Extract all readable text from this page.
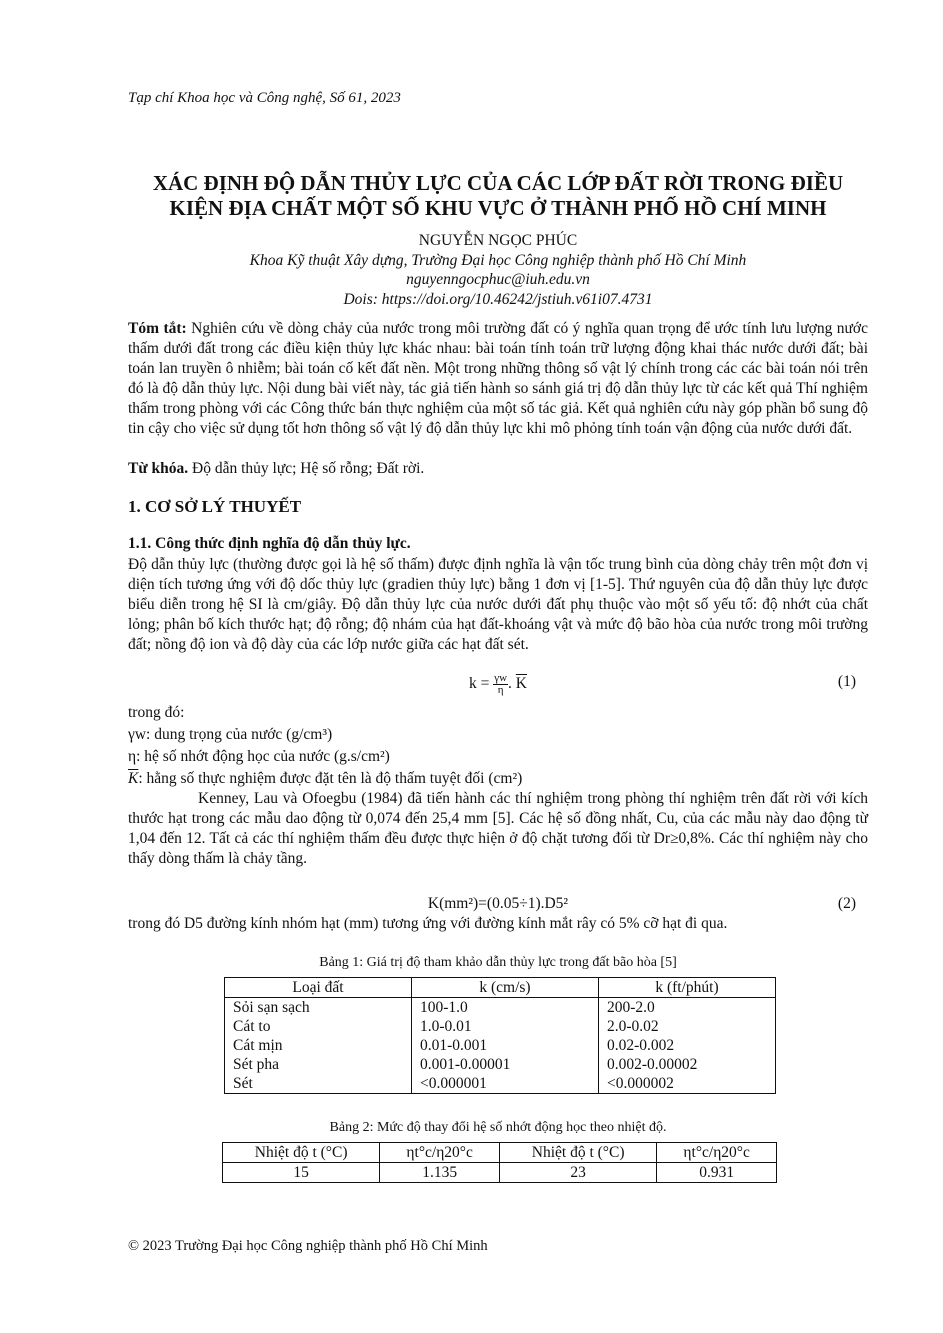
Tạp chí Khoa học và Công nghệ, Số 61, 2023
XÁC ĐỊNH ĐỘ DẪN THỦY LỰC CỦA CÁC LỚP ĐẤT RỜI TRONG ĐIỀU
KIỆN ĐỊA CHẤT MỘT SỐ KHU VỰC Ở THÀNH PHỐ HỒ CHÍ MINH
NGUYỄN NGỌC PHÚC
Khoa Kỹ thuật Xây dựng, Trường Đại học Công nghiệp thành phố Hồ Chí Minh
nguyenngocphuc@iuh.edu.vn
Dois: https://doi.org/10.46242/jstiuh.v61i07.4731
Tóm tắt: Nghiên cứu về dòng chảy của nước trong môi trường đất có ý nghĩa quan trọng để ước tính lưu lượng nước thấm dưới đất trong các điều kiện thủy lực khác nhau: bài toán tính toán trữ lượng động khai thác nước dưới đất; bài toán lan truyền ô nhiễm; bài toán cố kết đất nền. Một trong những thông số vật lý chính trong các các bài toán nói trên đó là độ dẫn thủy lực. Nội dung bài viết này, tác giả tiến hành so sánh giá trị độ dẫn thủy lực từ các kết quả Thí nghiệm thấm trong phòng với các Công thức bán thực nghiệm của một số tác giả. Kết quả nghiên cứu này góp phần bổ sung độ tin cậy cho việc sử dụng tốt hơn thông số vật lý độ dẫn thủy lực khi mô phỏng tính toán vận động của nước dưới đất.
Từ khóa. Độ dẫn thủy lực; Hệ số rỗng; Đất rời.
1. CƠ SỞ LÝ THUYẾT
1.1. Công thức định nghĩa độ dẫn thủy lực.
Độ dẫn thủy lực (thường được gọi là hệ số thấm) được định nghĩa là vận tốc trung bình của dòng chảy trên một đơn vị diện tích tương ứng với độ dốc thủy lực (gradien thủy lực) bằng 1 đơn vị [1-5]. Thứ nguyên của độ dẫn thủy lực được biểu diễn trong hệ SI là cm/giây. Độ dẫn thủy lực của nước dưới đất phụ thuộc vào một số yếu tố: độ nhớt của chất lỏng; phân bố kích thước hạt; độ rỗng; độ nhám của hạt đất-khoáng vật và mức độ bão hòa của nước trong môi trường đất; nồng độ ion và độ dày của các lớp nước giữa các hạt đất sét.
$k = \frac{\gamma w}{\eta}$ . $\overline{K}$	(1)
trong đó:
γw: dung trọng của nước (g/cm³)
η: hệ số nhớt động học của nước (g.s/cm²)
$\overline{K}$: hằng số thực nghiệm được đặt tên là độ thấm tuyệt đối (cm²)
Kenney, Lau và Ofoegbu (1984) đã tiến hành các thí nghiệm trong phòng thí nghiệm trên đất rời với kích thước hạt trong các mẫu dao động từ 0,074 đến 25,4 mm [5]. Các hệ số đồng nhất, Cu, của các mẫu này dao động từ 1,04 đến 12. Tất cả các thí nghiệm thấm đều được thực hiện ở độ chặt tương đối từ Dr≥0,8%. Các thí nghiệm này cho thấy dòng thấm là chảy tầng.
K(mm²)=(0.05÷1).D5²	(2)
trong đó D5 đường kính nhóm hạt (mm) tương ứng với đường kính mắt rây có 5% cỡ hạt đi qua.
Bảng 1: Giá trị độ tham khảo dẫn thủy lực trong đất bão hòa [5]
Loại đất	k (cm/s)	k (ft/phút)
Sỏi sạn sạch	100-1.0	200-2.0
Cát to	1.0-0.01	2.0-0.02
Cát mịn	0.01-0.001	0.02-0.002
Sét pha	0.001-0.00001	0.002-0.00002
Sét	<0.000001	<0.000002
Bảng 2: Mức độ thay đổi hệ số nhớt động học theo nhiệt độ.
Nhiệt độ t (°C)	ηt°c/η20°c	Nhiệt độ t (°C)	ηt°c/η20°c
15	1.135	23	0.931
© 2023 Trường Đại học Công nghiệp thành phố Hồ Chí Minh
